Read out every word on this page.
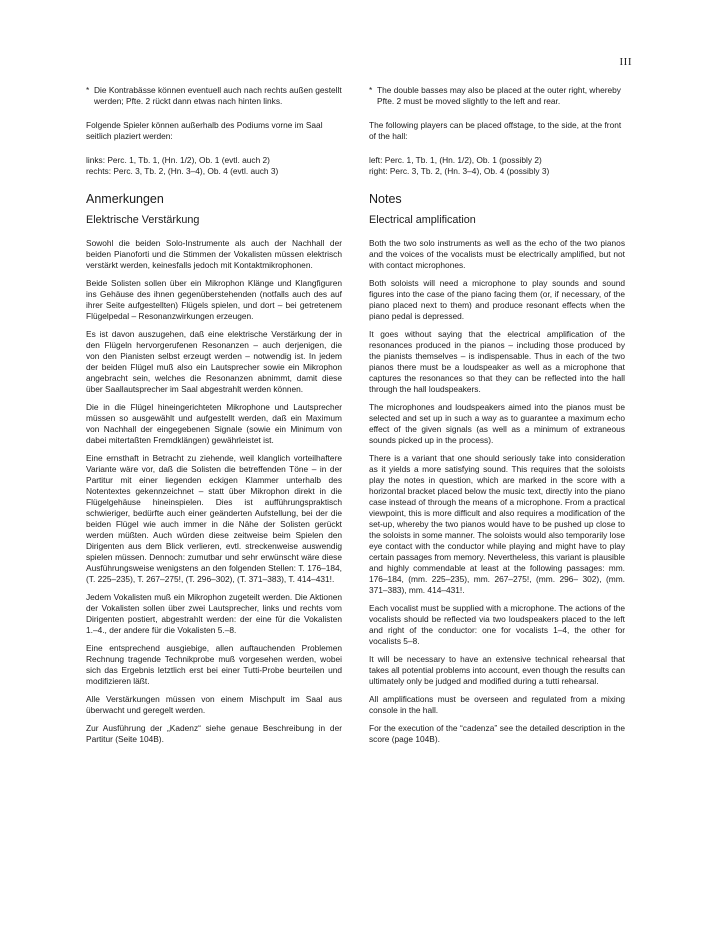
III
* Die Kontrabässe können eventuell auch nach rechts außen gestellt werden; Pfte. 2 rückt dann etwas nach hinten links.
Folgende Spieler können außerhalb des Podiums vorne im Saal seitlich plaziert werden:
links: Perc. 1, Tb. 1, (Hn. 1/2), Ob. 1 (evtl. auch 2)
rechts: Perc. 3, Tb. 2, (Hn. 3–4), Ob. 4 (evtl. auch 3)
Anmerkungen
Elektrische Verstärkung

Sowohl die beiden Solo-Instrumente als auch der Nachhall der beiden Pianoforti und die Stimmen der Vokalisten müssen elektrisch verstärkt werden, keinesfalls jedoch mit Kontaktmikrophonen.

Beide Solisten sollen über ein Mikrophon Klänge und Klangfiguren ins Gehäuse des ihnen gegenüberstehenden (notfalls auch des auf ihrer Seite aufgestellten) Flügels spielen, und dort – bei getretenem Flügelpedal – Resonanzwirkungen erzeugen.

Es ist davon auszugehen, daß eine elektrische Verstärkung der in den Flügeln hervorgerufenen Resonanzen – auch derjenigen, die von den Pianisten selbst erzeugt werden – notwendig ist. In jedem der beiden Flügel muß also ein Lautsprecher sowie ein Mikrophon angebracht sein, welches die Resonanzen abnimmt, damit diese über Saallautsprecher im Saal abgestrahlt werden können.

Die in die Flügel hineingerichteten Mikrophone und Lautsprecher müssen so ausgewählt und aufgestellt werden, daß ein Maximum von Nachhall der eingegebenen Signale (sowie ein Minimum von dabei mitertaßten Fremdklängen) gewährleistet ist.

Eine ernsthaft in Betracht zu ziehende, weil klanglich vorteilhaftere Variante wäre vor, daß die Solisten die betreffenden Töne – in der Partitur mit einer liegenden eckigen Klammer unterhalb des Notentextes gekennzeichnet – statt über Mikrophon direkt in die Flügelgehäuse hineinspielen. Dies ist aufführungspraktisch schwieriger, bedürfte auch einer geänderten Aufstellung, bei der die beiden Flügel wie auch immer in die Nähe der Solisten gerückt werden müßten. Auch würden diese zeitweise beim Spielen den Dirigenten aus dem Blick verlieren, evtl. streckenweise auswendig spielen müssen. Dennoch: zumutbar und sehr erwünscht wäre diese Ausführungsweise wenigstens an den folgenden Stellen: T. 176–184, (T. 225–235), T. 267–275!, (T. 296–302), (T. 371–383), T. 414–431!.

Jedem Vokalisten muß ein Mikrophon zugeteilt werden. Die Aktionen der Vokalisten sollen über zwei Lautsprecher, links und rechts vom Dirigenten postiert, abgestrahlt werden: der eine für die Vokalisten 1.–4., der andere für die Vokalisten 5.–8.

Eine entsprechend ausgiebige, allen auftauchenden Problemen Rechnung tragende Technikprobe muß vorgesehen werden, wobei sich das Ergebnis letztlich erst bei einer Tutti-Probe beurteilen und modifizieren läßt.

Alle Verstärkungen müssen von einem Mischpult im Saal aus überwacht und geregelt werden.

Zur Ausführung der „Kadenz“ siehe genaue Beschreibung in der Partitur (Seite 104B).

* The double basses may also be placed at the outer right, whereby Pfte. 2 must be moved slightly to the left and rear.
The following players can be placed offstage, to the side, at the front of the hall:
left: Perc. 1, Tb. 1, (Hn. 1/2), Ob. 1 (possibly 2)
right: Perc. 3, Tb. 2, (Hn. 3–4), Ob. 4 (possibly 3)
Notes
Electrical amplification

Both the two solo instruments as well as the echo of the two pianos and the voices of the vocalists must be electrically amplified, but not with contact microphones.

Both soloists will need a microphone to play sounds and sound figures into the case of the piano facing them (or, if necessary, of the piano placed next to them) and produce resonant effects when the piano pedal is depressed.

It goes without saying that the electrical amplification of the resonances produced in the pianos – including those produced by the pianists themselves – is indispensable. Thus in each of the two pianos there must be a loudspeaker as well as a microphone that captures the resonances so that they can be reflected into the hall through the hall loudspeakers.

The microphones and loudspeakers aimed into the pianos must be selected and set up in such a way as to guarantee a maximum echo effect of the given signals (as well as a minimum of extraneous sounds picked up in the process).

There is a variant that one should seriously take into consideration as it yields a more satisfying sound. This requires that the soloists play the notes in question, which are marked in the score with a horizontal bracket placed below the music text, directly into the piano case instead of through the means of a microphone. From a practical viewpoint, this is more difficult and also requires a modification of the set-up, whereby the two pianos would have to be pushed up close to the soloists in some manner. The soloists would also temporarily lose eye contact with the conductor while playing and might have to play certain passages from memory. Nevertheless, this variant is plausible and highly commendable at least at the following passages: mm. 176–184, (mm. 225–235), mm. 267–275!, (mm. 296– 302), (mm. 371–383), mm. 414–431!.

Each vocalist must be supplied with a microphone. The actions of the vocalists should be reflected via two loudspeakers placed to the left and right of the conductor: one for vocalists 1–4, the other for vocalists 5–8.

It will be necessary to have an extensive technical rehearsal that takes all potential problems into account, even though the results can ultimately only be judged and modified during a tutti rehearsal.

All amplifications must be overseen and regulated from a mixing console in the hall.

For the execution of the “cadenza” see the detailed description in the score (page 104B).
